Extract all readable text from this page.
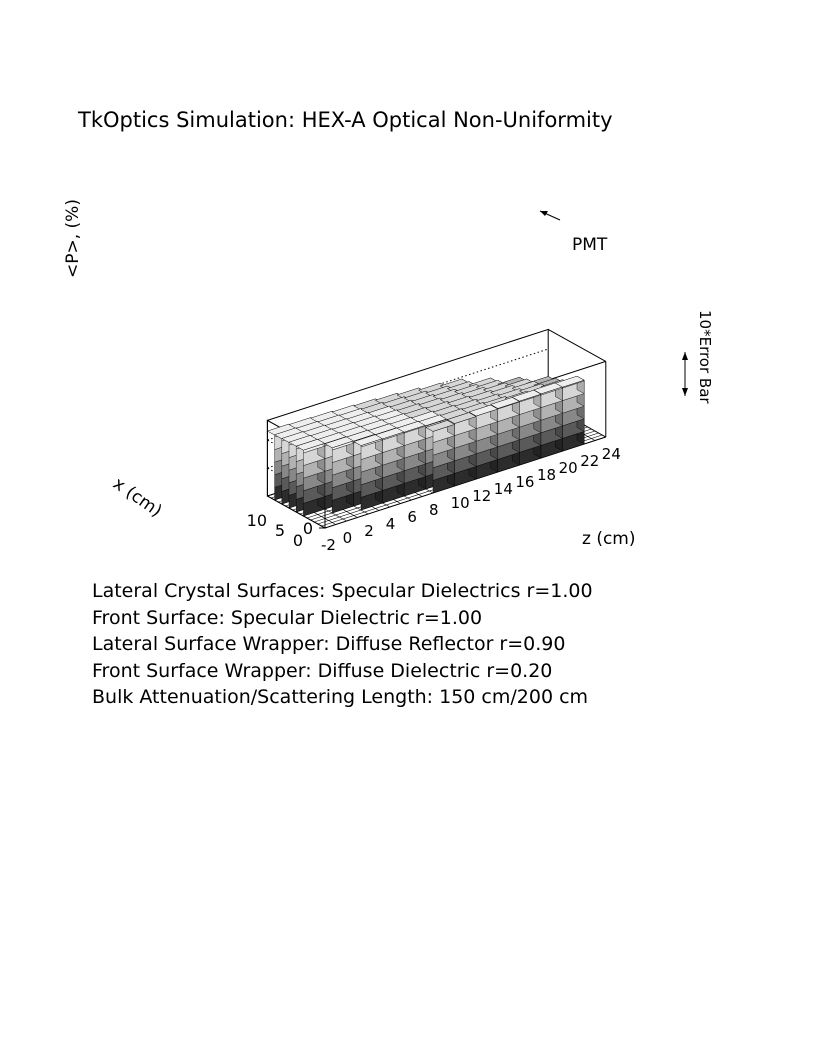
TkOptics Simulation: HEX-A Optical Non-Uniformity
0
0
5
10
-2 0 2 4 6 8 10 12 14 16 18 20 22 24
<P>, (%)
x (cm)
z (cm)
10*Error Bar
PMT
Lateral Crystal Surfaces: Specular Dielectrics r=1.00
Front Surface: Specular Dielectric r=1.00
Lateral Surface Wrapper: Diffuse Reflector r=0.90
Front Surface Wrapper: Diffuse Dielectric r=0.20
Bulk Attenuation/Scattering Length: 150 cm/200 cm
